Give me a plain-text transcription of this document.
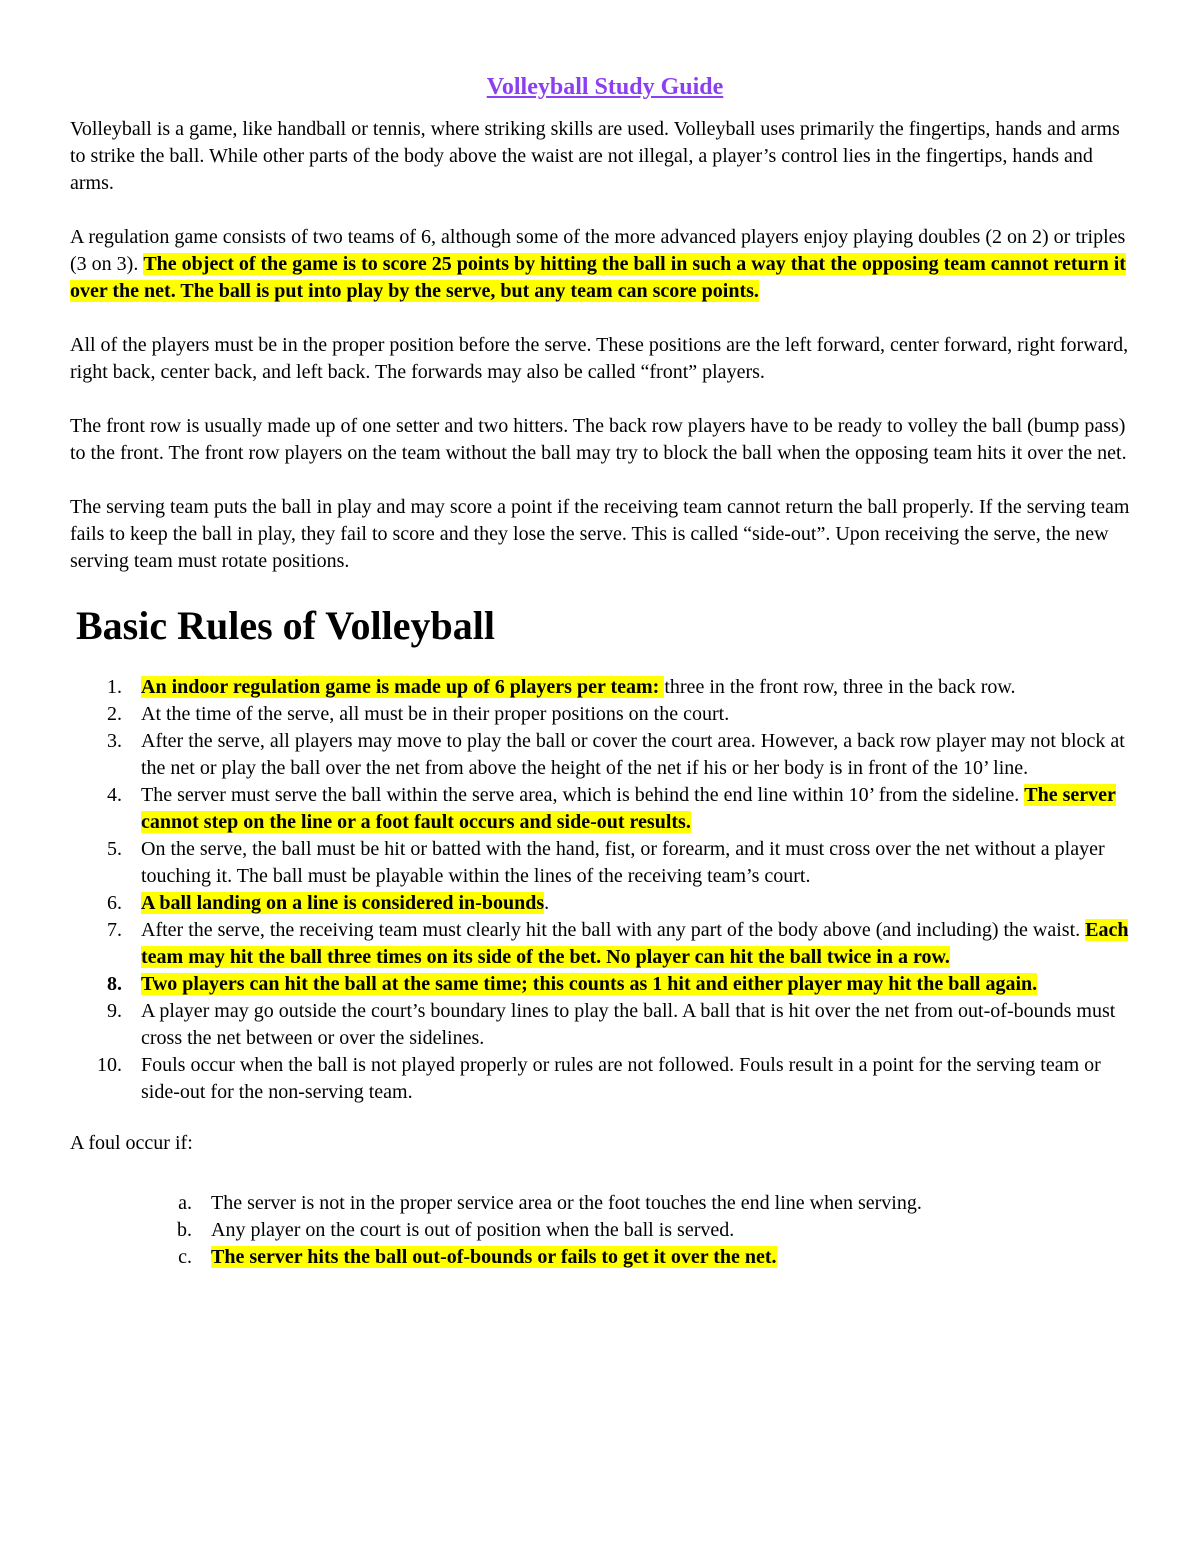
Volleyball Study Guide

Volleyball is a game, like handball or tennis, where striking skills are used. Volleyball uses primarily the fingertips, hands and arms to strike the ball. While other parts of the body above the waist are not illegal, a player’s control lies in the fingertips, hands and arms.

A regulation game consists of two teams of 6, although some of the more advanced players enjoy playing doubles (2 on 2) or triples (3 on 3). The object of the game is to score 25 points by hitting the ball in such a way that the opposing team cannot return it over the net. The ball is put into play by the serve, but any team can score points.

All of the players must be in the proper position before the serve. These positions are the left forward, center forward, right forward, right back, center back, and left back. The forwards may also be called “front” players.

The front row is usually made up of one setter and two hitters. The back row players have to be ready to volley the ball (bump pass) to the front. The front row players on the team without the ball may try to block the ball when the opposing team hits it over the net.

The serving team puts the ball in play and may score a point if the receiving team cannot return the ball properly. If the serving team fails to keep the ball in play, they fail to score and they lose the serve. This is called “side-out”. Upon receiving the serve, the new serving team must rotate positions.

Basic Rules of Volleyball
1. An indoor regulation game is made up of 6 players per team: three in the front row, three in the back row.
2. At the time of the serve, all must be in their proper positions on the court.
3. After the serve, all players may move to play the ball or cover the court area. However, a back row player may not block at the net or play the ball over the net from above the height of the net if his or her body is in front of the 10’ line.
4. The server must serve the ball within the serve area, which is behind the end line within 10’ from the sideline. The server cannot step on the line or a foot fault occurs and side-out results.
5. On the serve, the ball must be hit or batted with the hand, fist, or forearm, and it must cross over the net without a player touching it. The ball must be playable within the lines of the receiving team’s court.
6. A ball landing on a line is considered in-bounds.
7. After the serve, the receiving team must clearly hit the ball with any part of the body above (and including) the waist. Each team may hit the ball three times on its side of the bet. No player can hit the ball twice in a row.
8. Two players can hit the ball at the same time; this counts as 1 hit and either player may hit the ball again.
9. A player may go outside the court’s boundary lines to play the ball. A ball that is hit over the net from out-of-bounds must cross the net between or over the sidelines.
10. Fouls occur when the ball is not played properly or rules are not followed. Fouls result in a point for the serving team or side-out for the non-serving team.

A foul occur if:

a. The server is not in the proper service area or the foot touches the end line when serving.
b. Any player on the court is out of position when the ball is served.
c. The server hits the ball out-of-bounds or fails to get it over the net.
